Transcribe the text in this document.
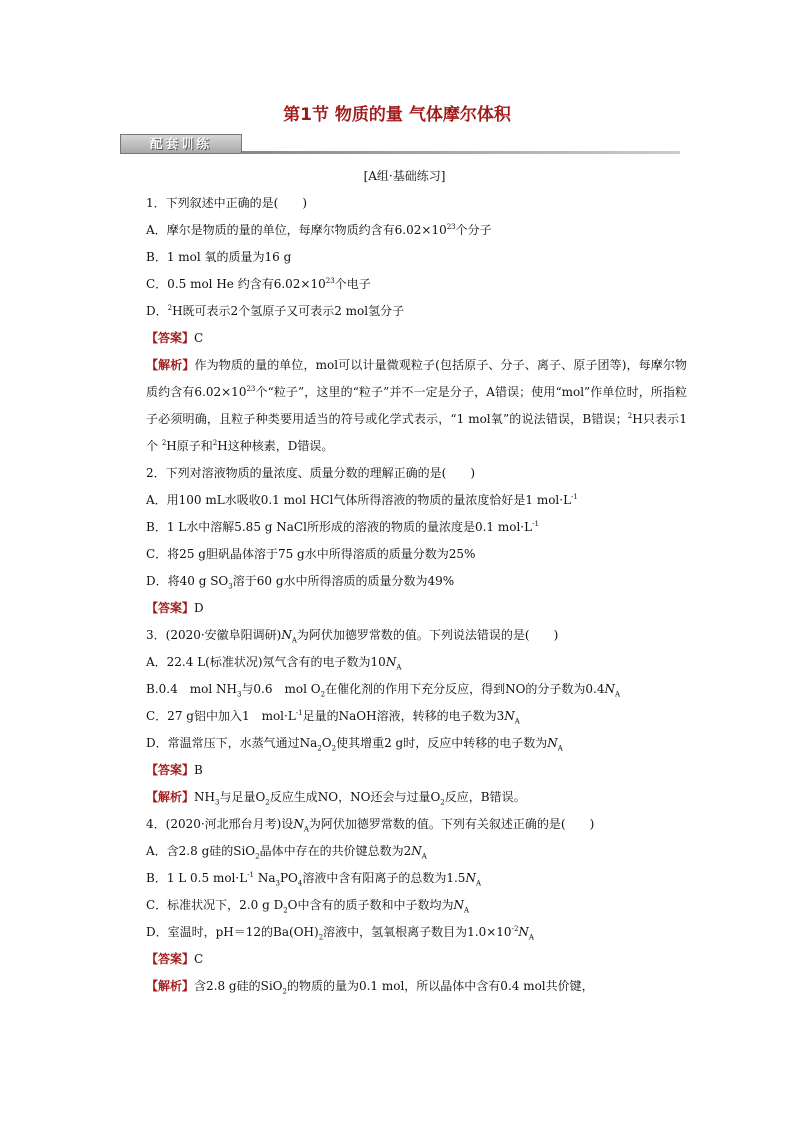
第1节 物质的量 气体摩尔体积
配套训练
[A组·基础练习]
1．下列叙述中正确的是(　　)
A．摩尔是物质的量的单位，每摩尔物质约含有$6.02\times 10^{23}$个分子
B．1 mol 氧的质量为16 g
C．0.5 mol He 约含有$6.02\times 10^{23}$个电子
D．$^2$H既可表示2个氢原子又可表示2 mol氢分子
【答案】C
【解析】作为物质的量的单位，mol可以计量微观粒子(包括原子、分子、离子、原子团等)，每摩尔物质约含有$6.02\times 10^{23}$个“粒子”，这里的“粒子”并不一定是分子，A错误；使用“mol”作单位时，所指粒子必须明确，且粒子种类要用适当的符号或化学式表示，“1 mol氧”的说法错误，B错误；$^2$H只表示1个 $^2$H原子和$^2$H这种核素，D错误。
2．下列对溶液物质的量浓度、质量分数的理解正确的是(　　)
A．用100 mL水吸收0.1 mol HCl气体所得溶液的物质的量浓度恰好是1 $mol\cdot L^{-1}$
B．1 L水中溶解5.85 g NaCl所形成的溶液的物质的量浓度是0.1 $mol\cdot L^{-1}$
C．将25 g胆矾晶体溶于75 g水中所得溶质的质量分数为25%
D．将40 g $SO_3$溶于60 g水中所得溶质的质量分数为49%
【答案】D
3．(2020·安徽阜阳调研)$N_A$为阿伏加德罗常数的值。下列说法错误的是(　　)
A．22.4 L(标准状况)氖气含有的电子数为$10N_A$
B.0.4　mol $NH_3$与0.6　mol $O_2$在催化剂的作用下充分反应，得到NO的分子数为$0.4N_A$
C．27 g铝中加入1　$mol\cdot L^{-1}$足量的NaOH溶液，转移的电子数为$3N_A$
D．常温常压下，水蒸气通过$Na_2O_2$使其增重2 g时，反应中转移的电子数为$N_A$
【答案】B
【解析】$NH_3$与足量$O_2$反应生成NO，NO还会与过量$O_2$反应，B错误。
4．(2020·河北邢台月考)设$N_A$为阿伏加德罗常数的值。下列有关叙述正确的是(　　)
A．含2.8 g硅的SiO$_2$晶体中存在的共价键总数为$2N_A$
B．1 L 0.5 $mol\cdot L^{-1}$ $Na_3PO_4$溶液中含有阳离子的总数为$1.5N_A$
C．标准状况下，2.0 g $D_2O$中含有的质子数和中子数均为$N_A$
D．室温时，pH＝12的$Ba(OH)_2$溶液中，氢氧根离子数目为$1.0\times 10^{-2}N_A$
【答案】C
【解析】含2.8 g硅的SiO$_2$的物质的量为0.1 mol，所以晶体中含有0.4 mol共价键，
